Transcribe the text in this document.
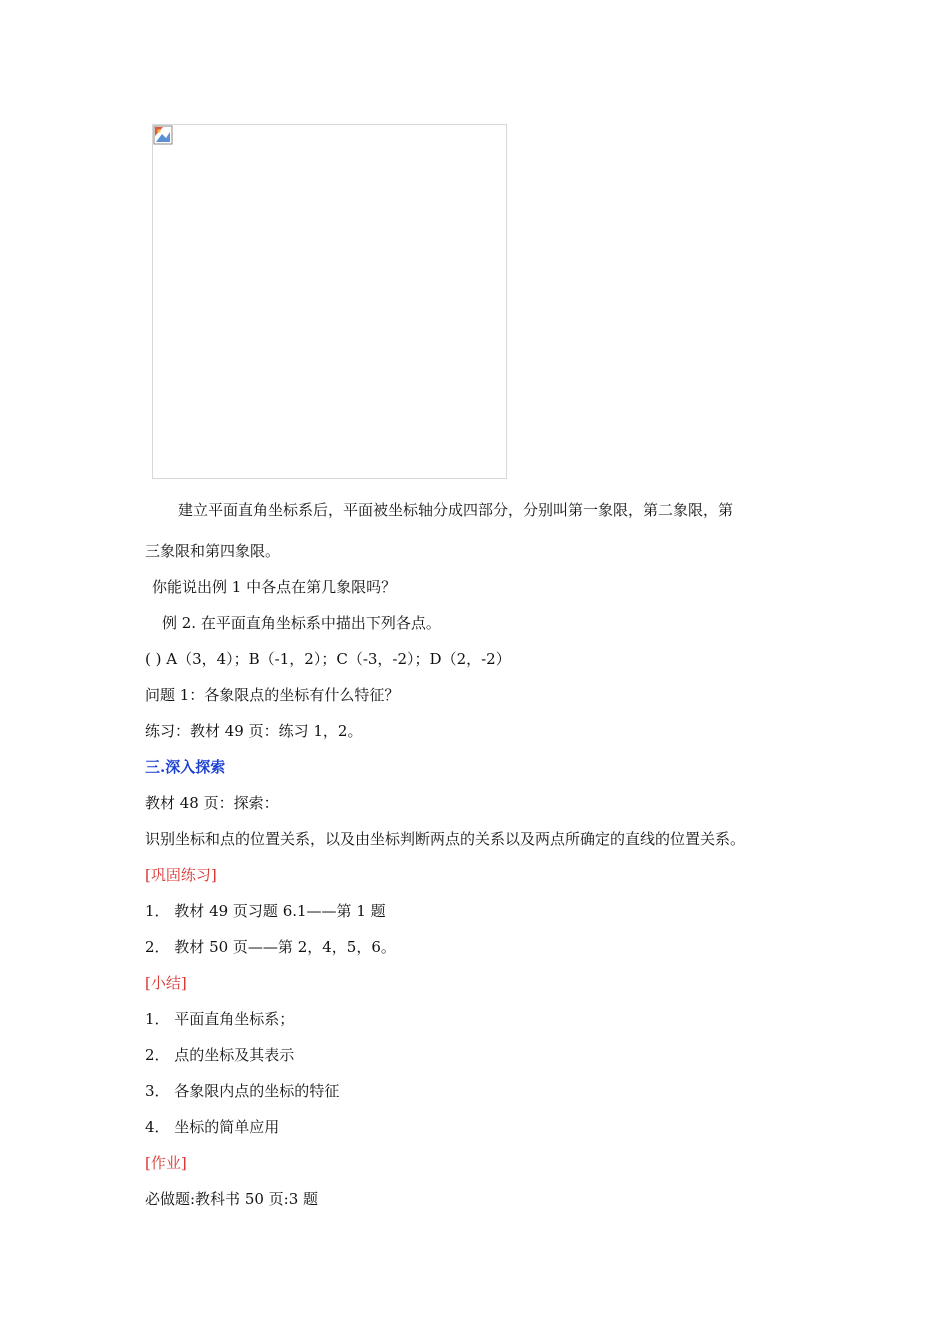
建立平面直角坐标系后，平面被坐标轴分成四部分，分别叫第一象限，第二象限，第
三象限和第四象限。
你能说出例 1 中各点在第几象限吗？
例 2. 在平面直角坐标系中描出下列各点。
( ) A（3，4）；B（-1，2）；C（-3，-2）；D（2，-2）
问题 1：各象限点的坐标有什么特征？
练习：教材 49 页：练习 1，2。
三.深入探索
教材 48 页：探索：
识别坐标和点的位置关系，以及由坐标判断两点的关系以及两点所确定的直线的位置关系。
[巩固练习]
1． 教材 49 页习题 6.1——第 1 题
2． 教材 50 页——第 2，4，5，6。
[小结]
1． 平面直角坐标系；
2． 点的坐标及其表示
3． 各象限内点的坐标的特征
4． 坐标的简单应用
[作业]
必做题:教科书 50 页:3 题
